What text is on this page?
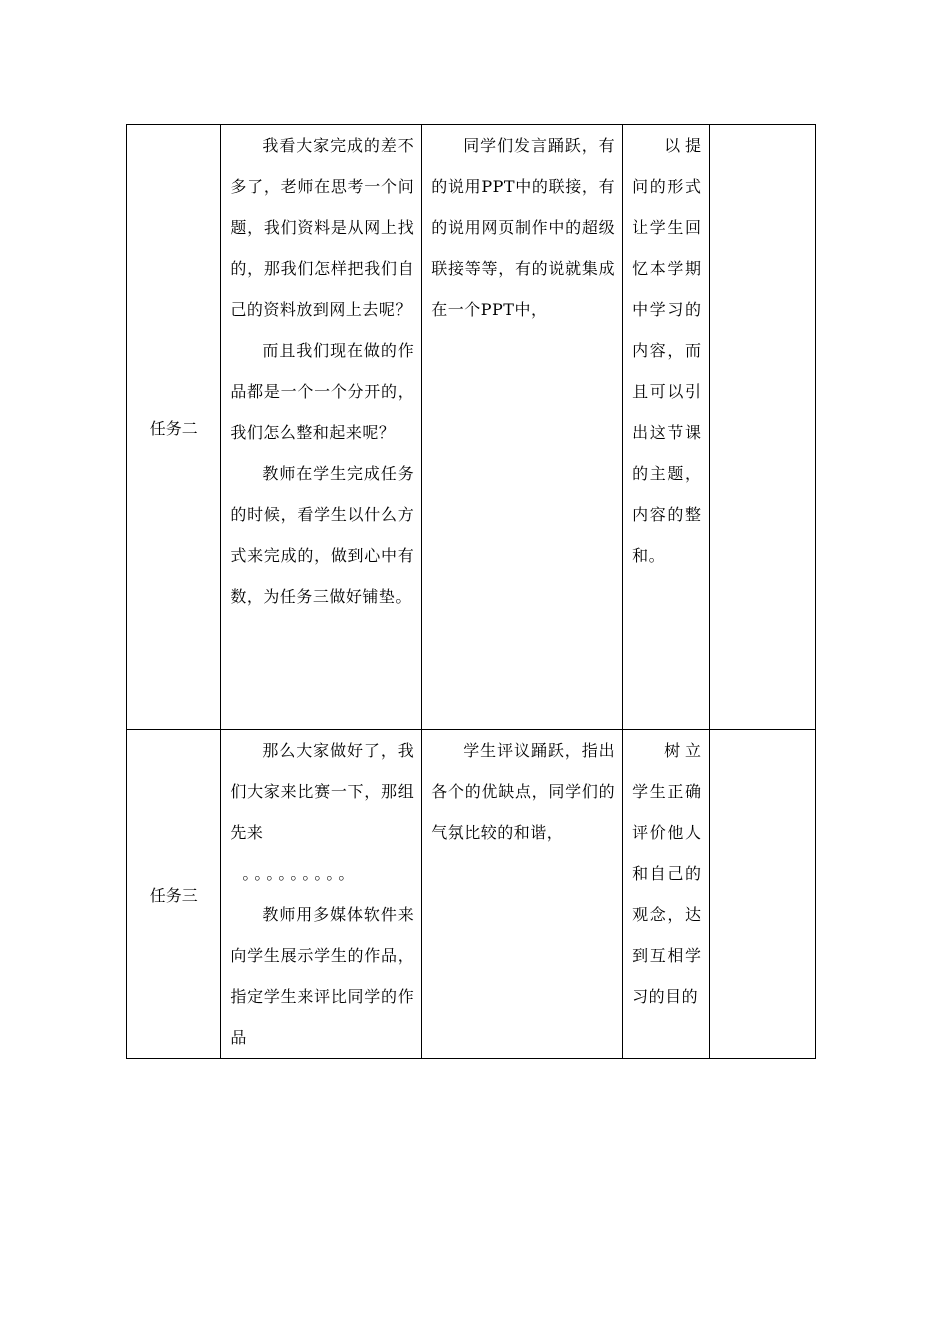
任务二	我看大家完成的差不多了，老师在思考一个问题，我们资料是从网上找的，那我们怎样把我们自己的资料放到网上去呢？

而且我们现在做的作品都是一个一个分开的，我们怎么整和起来呢？

教师在学生完成任务的时候，看学生以什么方式来完成的，做到心中有数，为任务三做好铺垫。	同学们发言踊跃，有的说用PPT中的联接，有的说用网页制作中的超级联接等等，有的说就集成在一个PPT中，	以提问的形式让学生回忆本学期中学习的内容，而且可以引出这节课的主题，内容的整和。	

任务三	那么大家做好了，我们大家来比赛一下，那组先来

。。。。。。。。。

教师用多媒体软件来向学生展示学生的作品，指定学生来评比同学的作品	学生评议踊跃，指出各个的优缺点，同学们的气氛比较的和谐，	树立学生正确评价他人和自己的观念，达到互相学习的目的	
